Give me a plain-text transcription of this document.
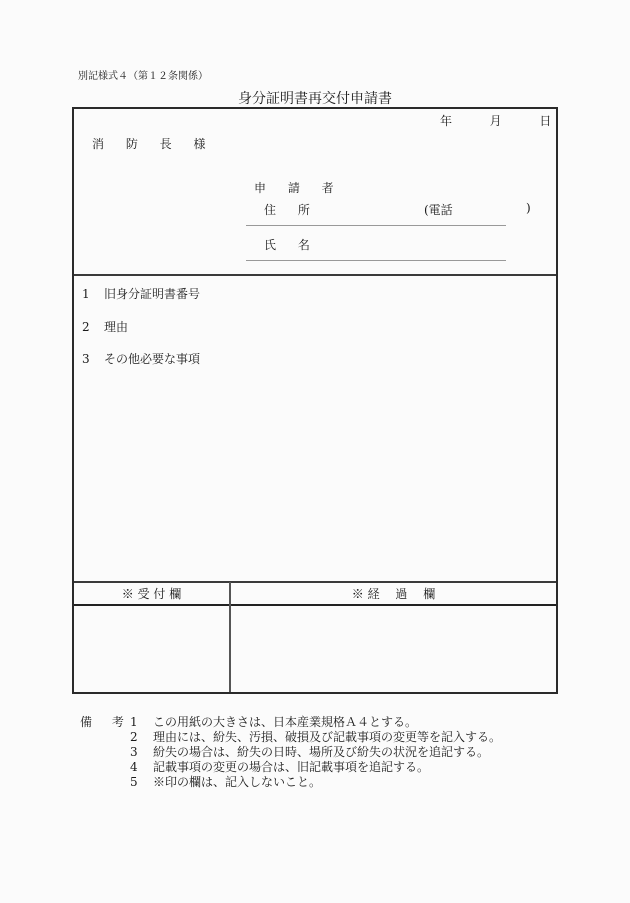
別記様式４（第１２条関係）
身分証明書再交付申請書
年	月	日
消 防 長 様
申 請 者
住 所	(電話	)
氏 名
1 旧身分証明書番号
2 理由
3 その他必要な事項
※ 受 付 欄	※ 経　 過　 欄
備 考
1 この用紙の大きさは、日本産業規格Ａ４とする。
2 理由には、紛失、汚損、破損及び記載事項の変更等を記入する。
3 紛失の場合は、紛失の日時、場所及び紛失の状況を追記する。
4 記載事項の変更の場合は、旧記載事項を追記する。
5 ※印の欄は、記入しないこと。
